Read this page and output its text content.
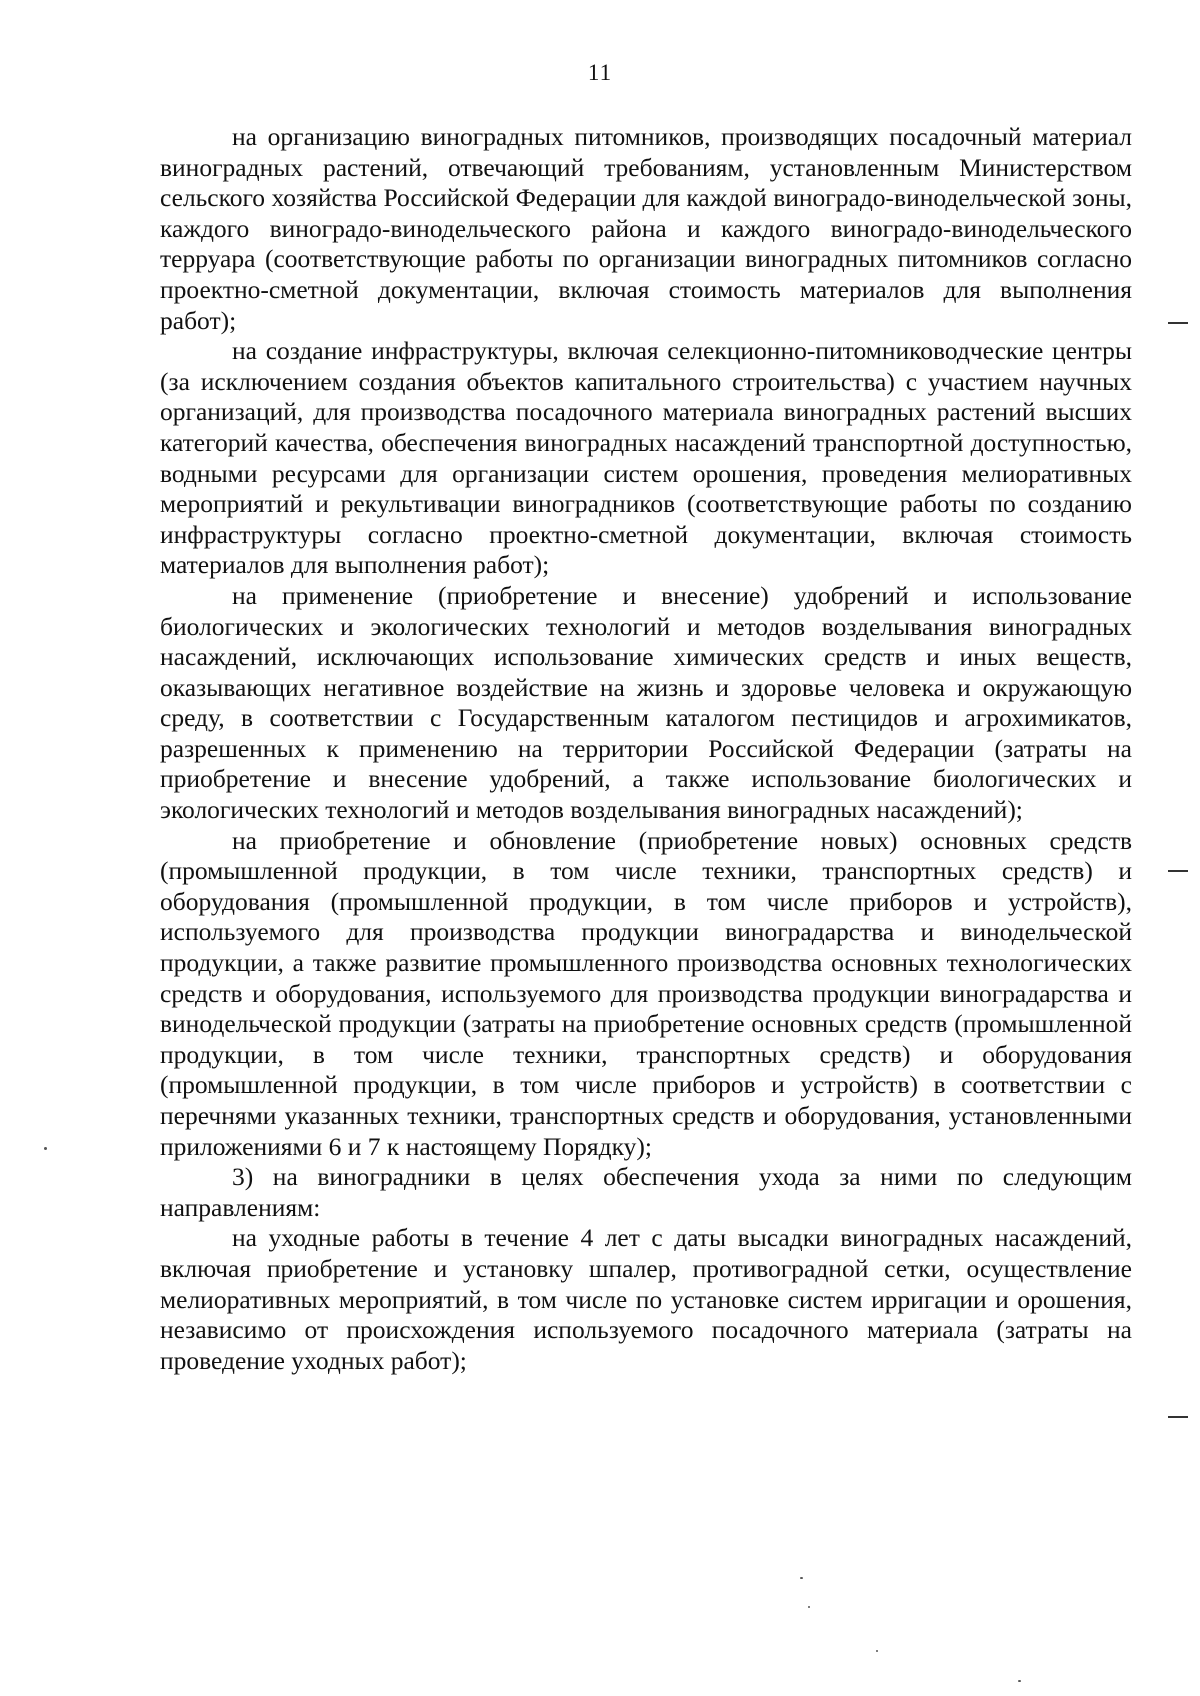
11

на организацию виноградных питомников, производящих посадочный материал виноградных растений, отвечающий требованиям, установленным Министерством сельского хозяйства Российской Федерации для каждой виноградо-винодельческой зоны, каждого виноградо-винодельческого района и каждого виноградо-винодельческого терруара (соответствующие работы по организации виноградных питомников согласно проектно-сметной документации, включая стоимость материалов для выполнения работ);

на создание инфраструктуры, включая селекционно-питомниководческие центры (за исключением создания объектов капитального строительства) с участием научных организаций, для производства посадочного материала виноградных растений высших категорий качества, обеспечения виноградных насаждений транспортной доступностью, водными ресурсами для организации систем орошения, проведения мелиоративных мероприятий и рекультивации виноградников (соответствующие работы по созданию инфраструктуры согласно проектно-сметной документации, включая стоимость материалов для выполнения работ);

на применение (приобретение и внесение) удобрений и использование биологических и экологических технологий и методов возделывания виноградных насаждений, исключающих использование химических средств и иных веществ, оказывающих негативное воздействие на жизнь и здоровье человека и окружающую среду, в соответствии с Государственным каталогом пестицидов и агрохимикатов, разрешенных к применению на территории Российской Федерации (затраты на приобретение и внесение удобрений, а также использование биологических и экологических технологий и методов возделывания виноградных насаждений);

на приобретение и обновление (приобретение новых) основных средств (промышленной продукции, в том числе техники, транспортных средств) и оборудования (промышленной продукции, в том числе приборов и устройств), используемого для производства продукции виноградарства и винодельческой продукции, а также развитие промышленного производства основных технологических средств и оборудования, используемого для производства продукции виноградарства и винодельческой продукции (затраты на приобретение основных средств (промышленной продукции, в том числе техники, транспортных средств) и оборудования (промышленной продукции, в том числе приборов и устройств) в соответствии с перечнями указанных техники, транспортных средств и оборудования, установленными приложениями 6 и 7 к настоящему Порядку);

3) на виноградники в целях обеспечения ухода за ними по следующим направлениям:

на уходные работы в течение 4 лет с даты высадки виноградных насаждений, включая приобретение и установку шпалер, противоградной сетки, осуществление мелиоративных мероприятий, в том числе по установке систем ирригации и орошения, независимо от происхождения используемого посадочного материала (затраты на проведение уходных работ);
